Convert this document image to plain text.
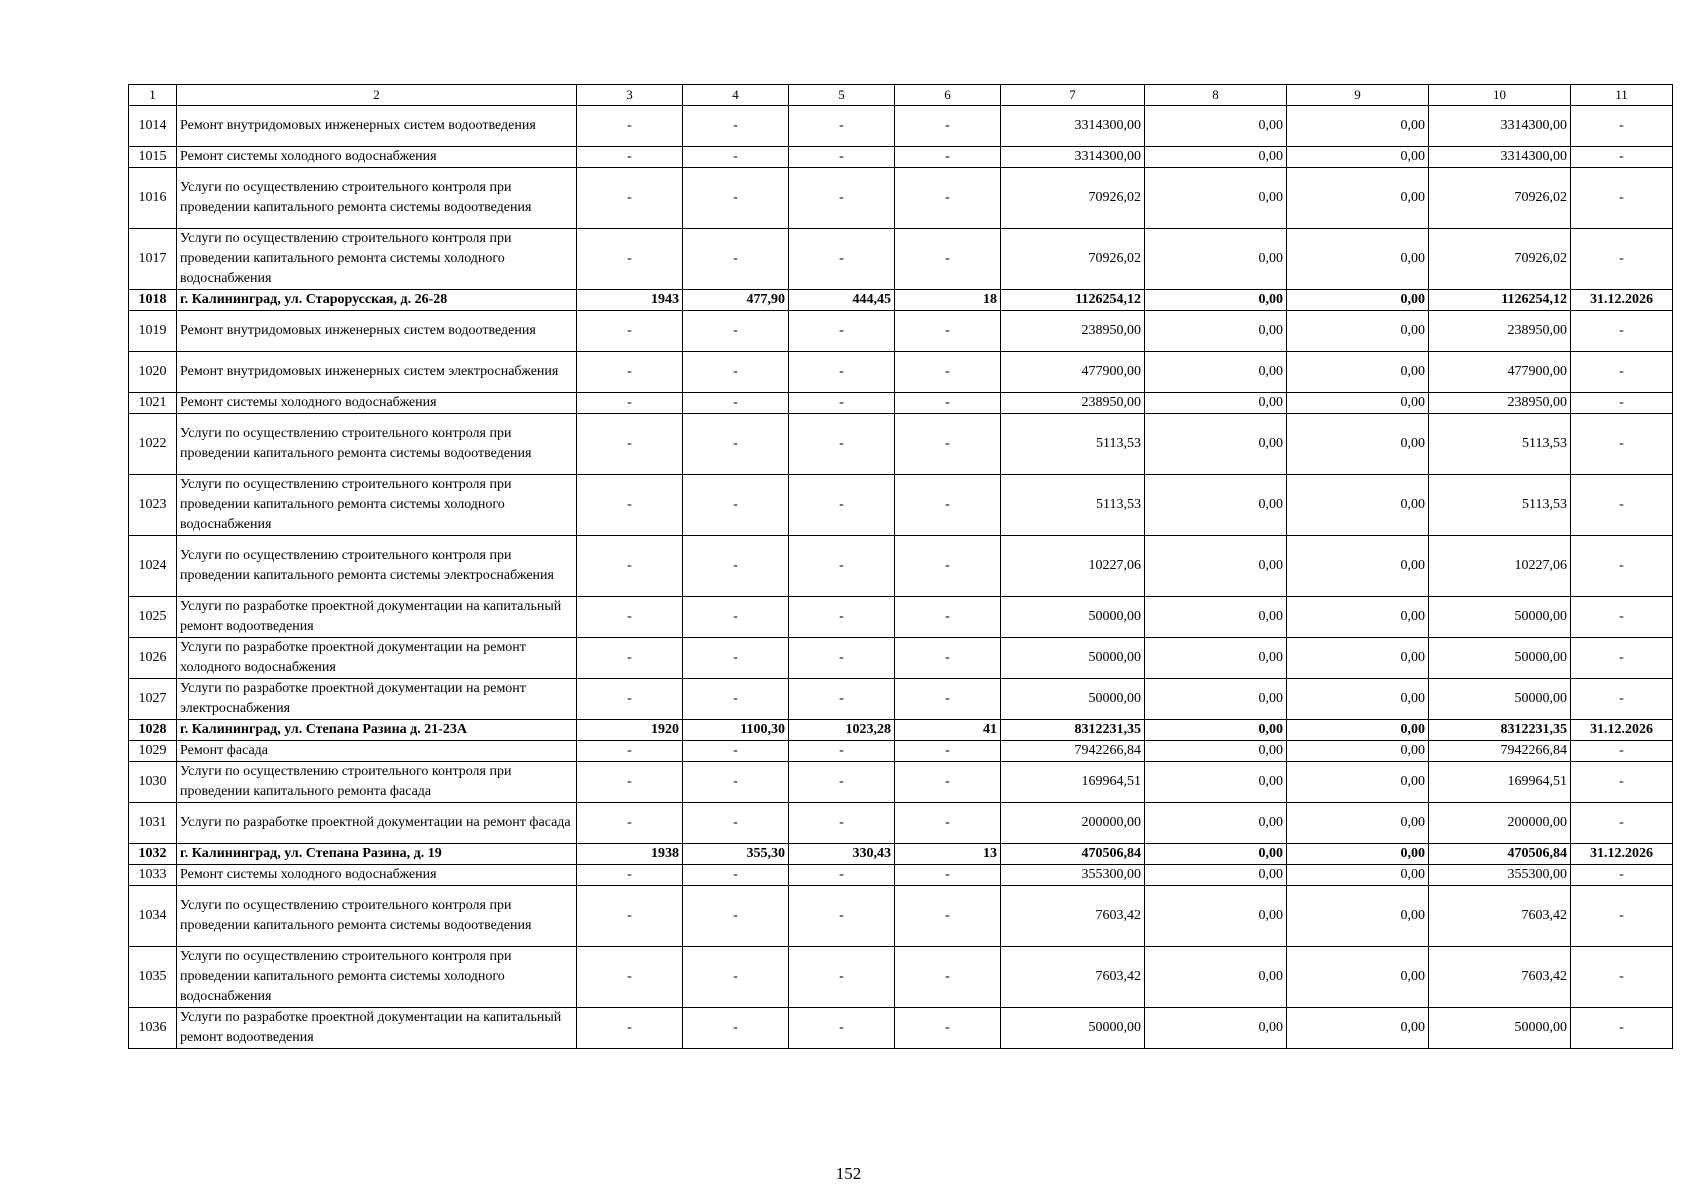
1	2	3	4	5	6	7	8	9	10	11
1014	Ремонт внутридомовых инженерных систем водоотведения	-	-	-	-	3314300,00	0,00	0,00	3314300,00	-
1015	Ремонт системы холодного водоснабжения	-	-	-	-	3314300,00	0,00	0,00	3314300,00	-
1016	Услуги по осуществлению строительного контроля при проведении капитального ремонта системы водоотведения	-	-	-	-	70926,02	0,00	0,00	70926,02	-
1017	Услуги по осуществлению строительного контроля при проведении капитального ремонта системы холодного водоснабжения	-	-	-	-	70926,02	0,00	0,00	70926,02	-
1018	г. Калининград, ул. Старорусская, д. 26-28	1943	477,90	444,45	18	1126254,12	0,00	0,00	1126254,12	31.12.2026
1019	Ремонт внутридомовых инженерных систем водоотведения	-	-	-	-	238950,00	0,00	0,00	238950,00	-
1020	Ремонт внутридомовых инженерных систем электроснабжения	-	-	-	-	477900,00	0,00	0,00	477900,00	-
1021	Ремонт системы холодного водоснабжения	-	-	-	-	238950,00	0,00	0,00	238950,00	-
1022	Услуги по осуществлению строительного контроля при проведении капитального ремонта системы водоотведения	-	-	-	-	5113,53	0,00	0,00	5113,53	-
1023	Услуги по осуществлению строительного контроля при проведении капитального ремонта системы холодного водоснабжения	-	-	-	-	5113,53	0,00	0,00	5113,53	-
1024	Услуги по осуществлению строительного контроля при проведении капитального ремонта системы электроснабжения	-	-	-	-	10227,06	0,00	0,00	10227,06	-
1025	Услуги по разработке проектной документации на капитальный ремонт водоотведения	-	-	-	-	50000,00	0,00	0,00	50000,00	-
1026	Услуги по разработке проектной документации на ремонт холодного водоснабжения	-	-	-	-	50000,00	0,00	0,00	50000,00	-
1027	Услуги по разработке проектной документации на ремонт электроснабжения	-	-	-	-	50000,00	0,00	0,00	50000,00	-
1028	г. Калининград, ул. Степана Разина д. 21-23А	1920	1100,30	1023,28	41	8312231,35	0,00	0,00	8312231,35	31.12.2026
1029	Ремонт фасада	-	-	-	-	7942266,84	0,00	0,00	7942266,84	-
1030	Услуги по осуществлению строительного контроля при проведении капитального ремонта фасада	-	-	-	-	169964,51	0,00	0,00	169964,51	-
1031	Услуги по разработке проектной документации на ремонт фасада	-	-	-	-	200000,00	0,00	0,00	200000,00	-
1032	г. Калининград, ул. Степана Разина, д. 19	1938	355,30	330,43	13	470506,84	0,00	0,00	470506,84	31.12.2026
1033	Ремонт системы холодного водоснабжения	-	-	-	-	355300,00	0,00	0,00	355300,00	-
1034	Услуги по осуществлению строительного контроля при проведении капитального ремонта системы водоотведения	-	-	-	-	7603,42	0,00	0,00	7603,42	-
1035	Услуги по осуществлению строительного контроля при проведении капитального ремонта системы холодного водоснабжения	-	-	-	-	7603,42	0,00	0,00	7603,42	-
1036	Услуги по разработке проектной документации на капитальный ремонт водоотведения	-	-	-	-	50000,00	0,00	0,00	50000,00	-
152
